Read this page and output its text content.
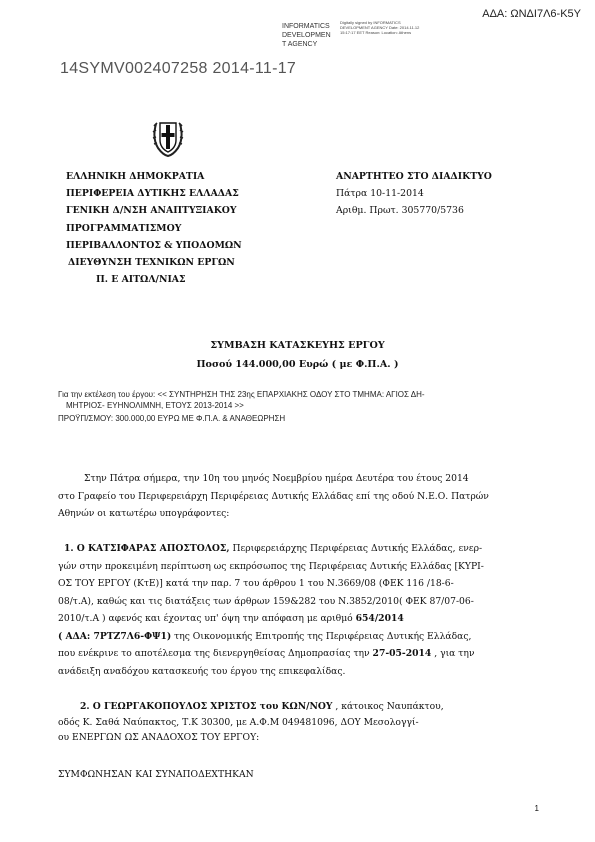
ΑΔΑ: ΩΝΔΙ7Λ6-Κ5Υ
INFORMATICS
DEVELOPMEN
T AGENCY
Digitally signed by INFORMATICS DEVELOPMENT AGENCY Date: 2014.11.12 15:17:17 EET Reason: Location: Athens
14SYMV002407258 2014-11-17
ΕΛΛΗΝΙΚΗ ΔΗΜΟΚΡΑΤΙΑ
ΠΕΡΙΦΕΡΕΙΑ ΔΥΤΙΚΗΣ ΕΛΛΑΔΑΣ
ΓΕΝΙΚΗ Δ/ΝΣΗ ΑΝΑΠΤΥΞΙΑΚΟΥ
ΠΡΟΓΡΑΜΜΑΤΙΣΜΟΥ
ΠΕΡΙΒΑΛΛΟΝΤΟΣ & ΥΠΟΔΟΜΩΝ
ΔΙΕΥΘΥΝΣΗ ΤΕΧΝΙΚΩΝ ΕΡΓΩΝ
Π. Ε ΑΙΤΩΛ/ΝΙΑΣ
ΑΝΑΡΤΗΤΕΟ ΣΤΟ ΔΙΑΔΙΚΤΥΟ
Πάτρα 10-11-2014
Αριθμ. Πρωτ. 305770/5736
ΣΥΜΒΑΣΗ ΚΑΤΑΣΚΕΥΗΣ ΕΡΓΟΥ
Ποσού 144.000,00 Ευρώ ( με Φ.Π.Α. )
Για την εκτέλεση του έργου: << ΣΥΝΤΗΡΗΣΗ ΤΗΣ 23ης ΕΠΑΡΧΙΑΚΗΣ ΟΔΟΥ ΣΤΟ ΤΜΗΜΑ: ΑΓΙΟΣ ΔΗ-
ΜΗΤΡΙΟΣ- ΕΥΗΝΟΛΙΜΝΗ, ΕΤΟΥΣ 2013-2014 >>
ΠΡΟΫΠ/ΣΜΟΥ: 300.000,00 ΕΥΡΩ ΜΕ Φ.Π.Α. & ΑΝΑΘΕΩΡΗΣΗ
Στην Πάτρα σήμερα, την 10η του μηνός Νοεμβρίου ημέρα Δευτέρα του έτους 2014
στο Γραφείο του Περιφερειάρχη Περιφέρειας Δυτικής Ελλάδας επί της οδού Ν.Ε.Ο. Πατρών
Αθηνών οι κατωτέρω υπογράφοντες:
1. Ο ΚΑΤΣΙΦΑΡΑΣ ΑΠΟΣΤΟΛΟΣ, Περιφερειάρχης Περιφέρειας Δυτικής Ελλάδας, ενερ-
γών στην προκειμένη περίπτωση ως εκπρόσωπος της Περιφέρειας Δυτικής Ελλάδας [ΚΥΡΙ-
ΟΣ ΤΟΥ ΕΡΓΟΥ (ΚτΕ)] κατά την παρ. 7 του άρθρου 1 του Ν.3669/08 (ΦΕΚ 116 /18-6-
08/τ.Α), καθώς και τις διατάξεις των άρθρων 159&282 του Ν.3852/2010( ΦΕΚ 87/07-06-
2010/τ.Α ) αφενός και έχοντας υπ' όψη την απόφαση με αριθμό 654/2014
( ΑΔΑ: 7ΡΤΖ7Λ6-ΦΨ1) της Οικονομικής Επιτροπής της Περιφέρειας Δυτικής Ελλάδας,
που ενέκρινε το αποτέλεσμα της διενεργηθείσας Δημοπρασίας την 27-05-2014 , για την
ανάδειξη αναδόχου κατασκευής του έργου της επικεφαλίδας.
2. Ο ΓΕΩΡΓΑΚΟΠΟΥΛΟΣ ΧΡΙΣΤΟΣ του ΚΩΝ/ΝΟΥ , κάτοικος Ναυπάκτου,
οδός Κ. Σαθά Ναύπακτος, Τ.Κ 30300, με Α.Φ.Μ 049481096, ΔΟΥ Μεσολογγί-
ου ΕΝΕΡΓΩΝ ΩΣ ΑΝΑΔΟΧΟΣ ΤΟΥ ΕΡΓΟΥ:
ΣΥΜΦΩΝΗΣΑΝ ΚΑΙ ΣΥΝΑΠΟΔΕΧΤΗΚΑΝ
1
